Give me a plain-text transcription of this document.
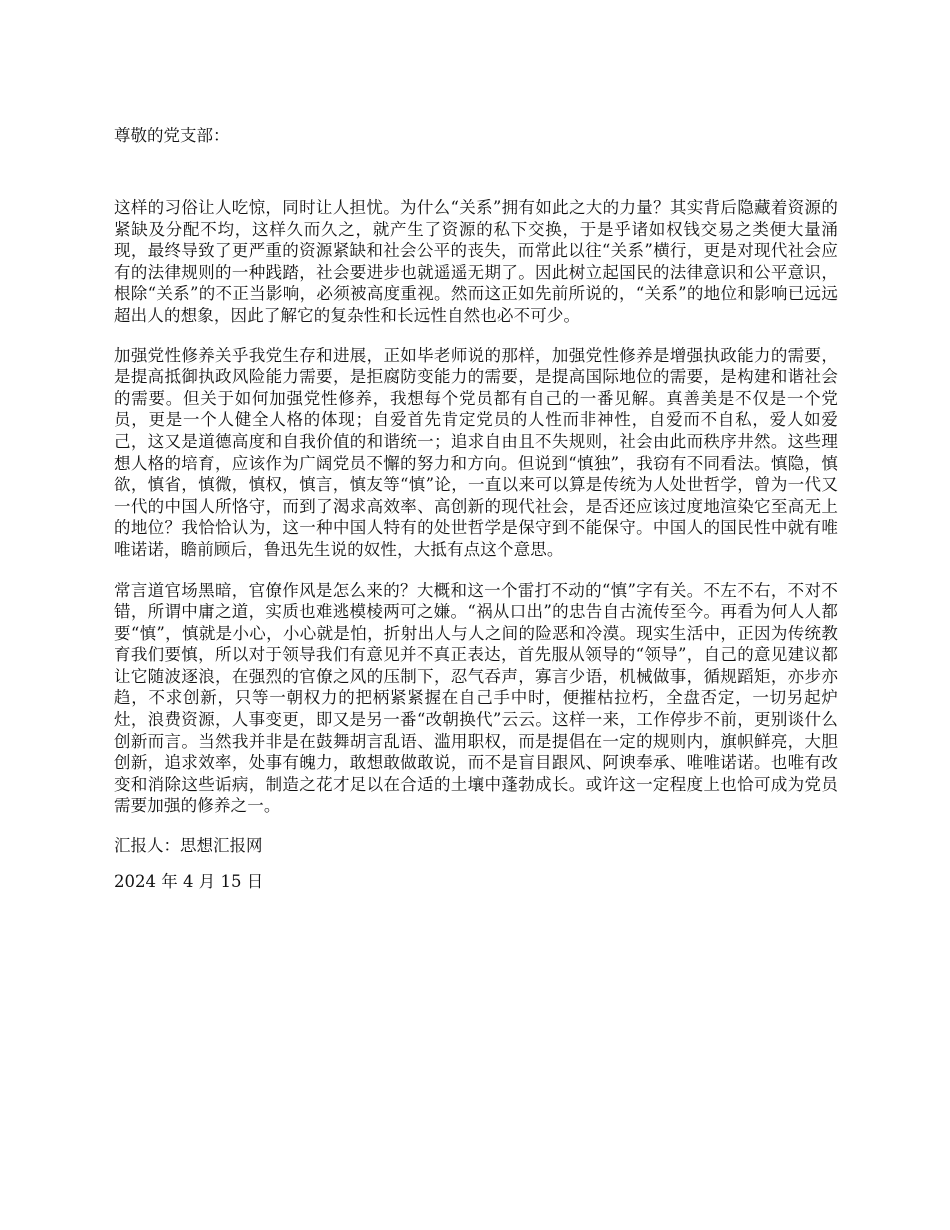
尊敬的党支部：

这样的习俗让人吃惊，同时让人担忧。为什么“关系”拥有如此之大的力量？其实背后隐藏着资源的紧缺及分配不均，这样久而久之，就产生了资源的私下交换，于是乎诸如权钱交易之类便大量涌现，最终导致了更严重的资源紧缺和社会公平的丧失，而常此以往“关系”横行，更是对现代社会应有的法律规则的一种践踏，社会要进步也就遥遥无期了。因此树立起国民的法律意识和公平意识，根除“关系”的不正当影响，必须被高度重视。然而这正如先前所说的，“关系”的地位和影响已远远超出人的想象，因此了解它的复杂性和长远性自然也必不可少。

加强党性修养关乎我党生存和进展，正如毕老师说的那样，加强党性修养是增强执政能力的需要，是提高抵御执政风险能力需要，是拒腐防变能力的需要，是提高国际地位的需要，是构建和谐社会的需要。但关于如何加强党性修养，我想每个党员都有自己的一番见解。真善美是不仅是一个党员，更是一个人健全人格的体现；自爱首先肯定党员的人性而非神性，自爱而不自私，爱人如爱己，这又是道德高度和自我价值的和谐统一；追求自由且不失规则，社会由此而秩序井然。这些理想人格的培育，应该作为广阔党员不懈的努力和方向。但说到“慎独”，我窃有不同看法。慎隐，慎欲，慎省，慎微，慎权，慎言，慎友等“慎”论，一直以来可以算是传统为人处世哲学，曾为一代又一代的中国人所恪守，而到了渴求高效率、高创新的现代社会，是否还应该过度地渲染它至高无上的地位？我恰恰认为，这一种中国人特有的处世哲学是保守到不能保守。中国人的国民性中就有唯唯诺诺，瞻前顾后，鲁迅先生说的奴性，大抵有点这个意思。

常言道官场黑暗，官僚作风是怎么来的？大概和这一个雷打不动的“慎”字有关。不左不右，不对不错，所谓中庸之道，实质也难逃模棱两可之嫌。“祸从口出”的忠告自古流传至今。再看为何人人都要“慎”，慎就是小心，小心就是怕，折射出人与人之间的险恶和冷漠。现实生活中，正因为传统教育我们要慎，所以对于领导我们有意见并不真正表达，首先服从领导的“领导”，自己的意见建议都让它随波逐浪，在强烈的官僚之风的压制下，忍气吞声，寡言少语，机械做事，循规蹈矩，亦步亦趋，不求创新，只等一朝权力的把柄紧紧握在自己手中时，便摧枯拉朽，全盘否定，一切另起炉灶，浪费资源，人事变更，即又是另一番“改朝换代”云云。这样一来，工作停步不前，更别谈什么创新而言。当然我并非是在鼓舞胡言乱语、滥用职权，而是提倡在一定的规则内，旗帜鲜亮，大胆创新，追求效率，处事有魄力，敢想敢做敢说，而不是盲目跟风、阿谀奉承、唯唯诺诺。也唯有改变和消除这些诟病，制造之花才足以在合适的土壤中蓬勃成长。或许这一定程度上也恰可成为党员需要加强的修养之一。

汇报人：思想汇报网

2024 年 4 月 15 日
